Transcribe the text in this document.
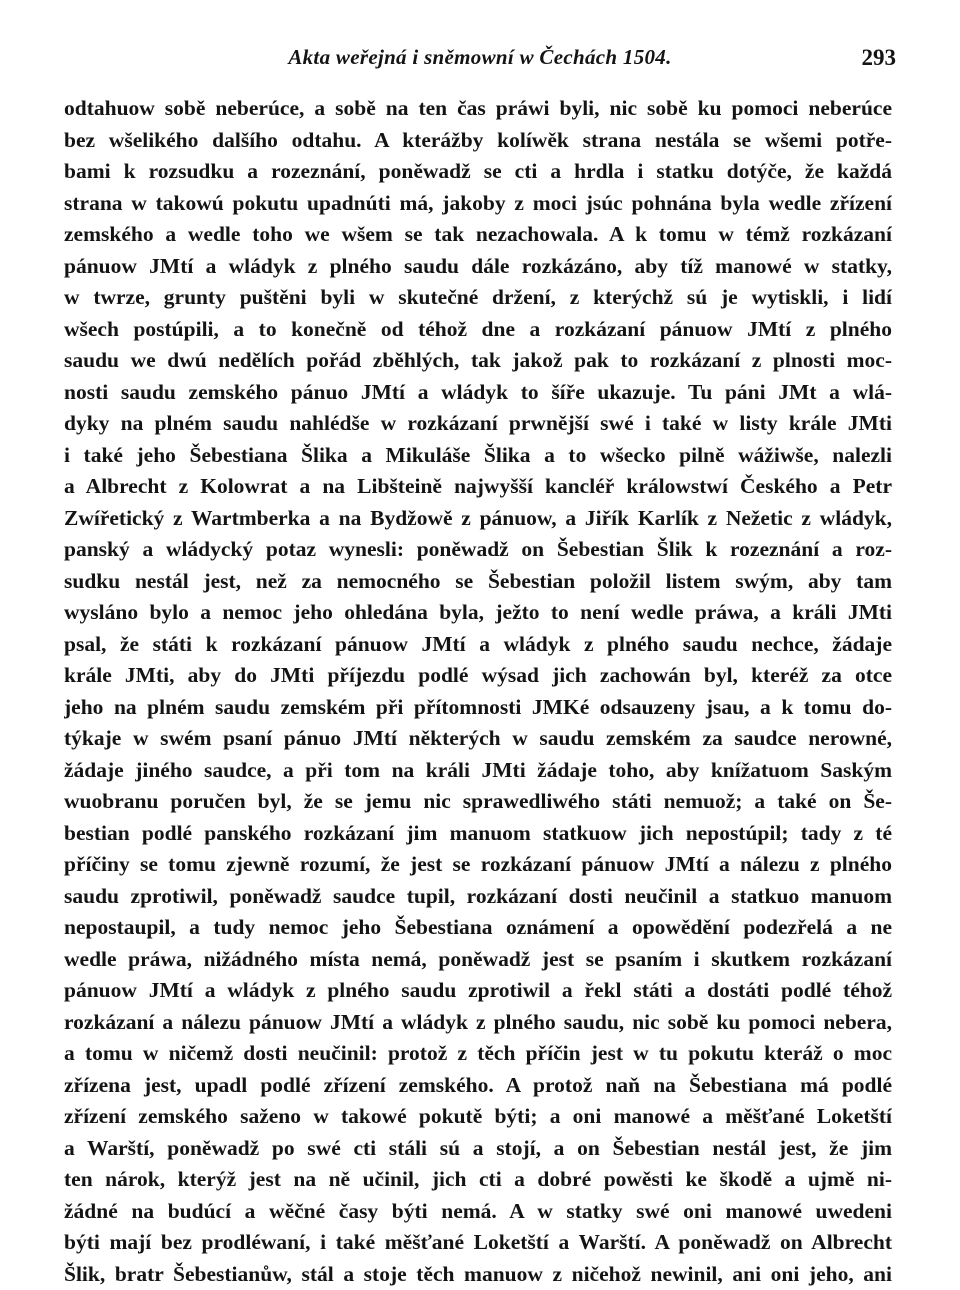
Akta weřejná i sněmowní w Čechách 1504.	293
odtahuow sobě neberúce, a sobě na ten čas práwi byli, nic sobě ku pomoci neberúce
bez wšelikého dalšího odtahu. A kterážby kolíwěk strana nestála se wšemi potře-
bami k rozsudku a rozeznání, poněwadž se cti a hrdla i statku dotýče, že každá
strana w takowú pokutu upadnúti má, jakoby z moci jsúc pohnána byla wedle zřízení
zemského a wedle toho we wšem se tak nezachowala. A k tomu w témž rozkázaní
pánuow JMtí a wládyk z plného saudu dále rozkázáno, aby tíž manowé w statky,
w twrze, grunty puštěni byli w skutečné držení, z kterýchž sú je wytiskli, i lidí
wšech postúpili, a to konečně od téhož dne a rozkázaní pánuow JMtí z plného
saudu we dwú nedělích pořád zběhlých, tak jakož pak to rozkázaní z plnosti moc-
nosti saudu zemského pánuo JMtí a wládyk to šíře ukazuje. Tu páni JMt a wlá-
dyky na plném saudu nahlédše w rozkázaní prwnější swé i také w listy krále JMti
i také jeho Šebestiana Šlika a Mikuláše Šlika a to wšecko pilně wážiwše, nalezli
a Albrecht z Kolowrat a na Libšteině najwyšší kancléř králowstwí Českého a Petr
Zwířetický z Wartmberka a na Bydžowě z pánuow, a Jiřík Karlík z Nežetic z wládyk,
panský a wládycký potaz wynesli: poněwadž on Šebestian Šlik k rozeznání a roz-
sudku nestál jest, než za nemocného se Šebestian položil listem swým, aby tam
wysláno bylo a nemoc jeho ohledána byla, ježto to není wedle práwa, a králi JMti
psal, že státi k rozkázaní pánuow JMtí a wládyk z plného saudu nechce, žádaje
krále JMti, aby do JMti příjezdu podlé wýsad jich zachowán byl, kteréž za otce
jeho na plném saudu zemském při přítomnosti JMKé odsauzeny jsau, a k tomu do-
týkaje w swém psaní pánuo JMtí některých w saudu zemském za saudce nerowné,
žádaje jiného saudce, a při tom na králi JMti žádaje toho, aby knížatuom Saským
wuobranu poručen byl, že se jemu nic sprawedliwého státi nemuož; a také on Še-
bestian podlé panského rozkázaní jim manuom statkuow jich nepostúpil; tady z té
příčiny se tomu zjewně rozumí, že jest se rozkázaní pánuow JMtí a nálezu z plného
saudu zprotiwil, poněwadž saudce tupil, rozkázaní dosti neučinil a statkuo manuom
nepostaupil, a tudy nemoc jeho Šebestiana oznámení a opowědění podezřelá a ne
wedle práwa, nižádného místa nemá, poněwadž jest se psaním i skutkem rozkázaní
pánuow JMtí a wládyk z plného saudu zprotiwil a řekl státi a dostáti podlé téhož
rozkázaní a nálezu pánuow JMtí a wládyk z plného saudu, nic sobě ku pomoci nebera,
a tomu w ničemž dosti neučinil: protož z těch příčin jest w tu pokutu kteráž o moc
zřízena jest, upadl podlé zřízení zemského. A protož naň na Šebestiana má podlé
zřízení zemského saženo w takowé pokutě býti; a oni manowé a měšťané Loketští
a Warští, poněwadž po swé cti stáli sú a stojí, a on Šebestian nestál jest, že jim
ten nárok, kterýž jest na ně učinil, jich cti a dobré powěsti ke škodě a ujmě ni-
žádné na budúcí a wěčné časy býti nemá. A w statky swé oni manowé uwedeni
býti mají bez prodléwaní, i také měšťané Loketští a Warští. A poněwadž on Albrecht
Šlik, bratr Šebestianůw, stál a stoje těch manuow z ničehož newinil, ani oni jeho, ani
